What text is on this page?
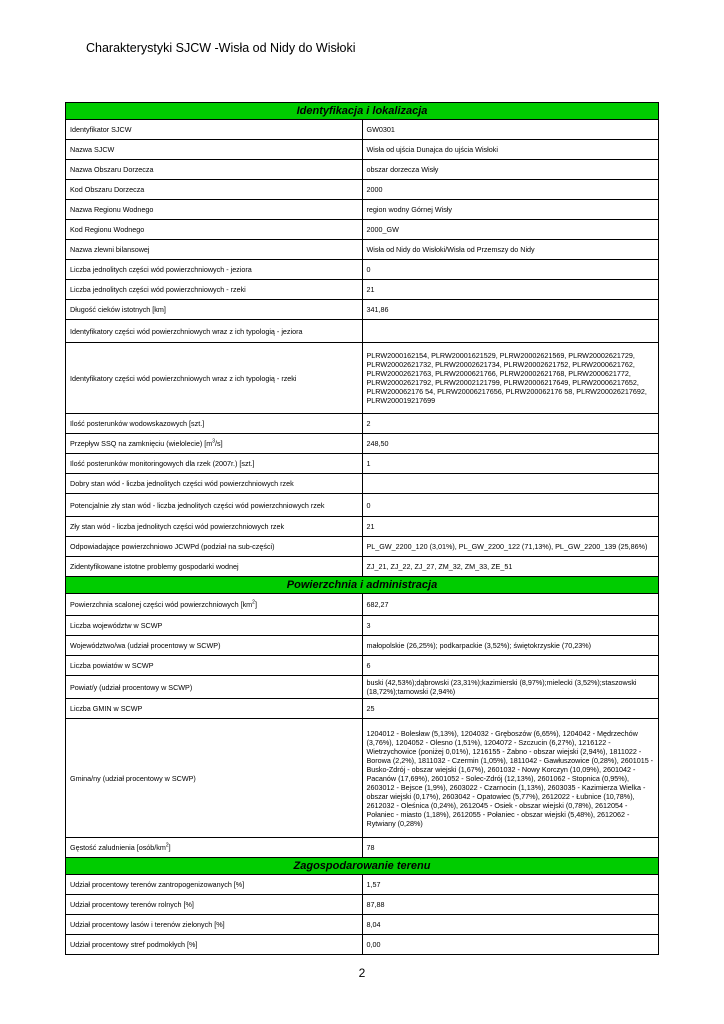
Charakterystyki SJCW -Wisła od Nidy do Wisłoki
Identyfikacja i lokalizacja	
Identyfikator SJCW	GW0301
Nazwa SJCW	Wisła od ujścia Dunajca do ujścia Wisłoki
Nazwa Obszaru Dorzecza	obszar dorzecza Wisły
Kod Obszaru Dorzecza	2000
Nazwa Regionu Wodnego	region wodny Górnej Wisły
Kod Regionu Wodnego	2000_GW
Nazwa zlewni bilansowej	Wisła od Nidy do Wisłoki/Wisła od Przemszy do Nidy
Liczba jednolitych części wód powierzchniowych - jeziora	0
Liczba jednolitych części wód powierzchniowych - rzeki	21
Długość cieków istotnych [km]	341,86
Identyfikatory części wód powierzchniowych wraz z ich typologią - jeziora	
Identyfikatory części wód powierzchniowych wraz z ich typologią - rzeki	PLRW2000162154, PLRW20001621529, PLRW20002621569, PLRW20002621729, PLRW20002621732, PLRW20002621734, PLRW20002621752, PLRW2000621762, PLRW20002621763, PLRW2000621766, PLRW20002621768, PLRW2000621772, PLRW20002621792, PLRW20002121799, PLRW20006217649, PLRW20006217652, PLRW200062176 54, PLRW20006217656, PLRW200062176 58, PLRW200026217692, PLRW200019217699
Ilość posterunków wodowskazowych [szt.]	2
Przepływ SSQ na zamknięciu (wielolecie) $[m^3/s]$	248,50
Ilość posterunków monitoringowych dla rzek (2007r.) [szt.]	1
Dobry stan wód - liczba jednolitych części wód powierzchniowych rzek	
Potencjalnie zły stan wód - liczba jednolitych części wód powierzchniowych rzek	0
Zły stan wód - liczba jednolitych części wód powierzchniowych rzek	21
Odpowiadające powierzchniowo JCWPd (podział na sub-części)	PL_GW_2200_120 (3,01%), PL_GW_2200_122 (71,13%), PL_GW_2200_139 (25,86%)
Zidentyfikowane istotne problemy gospodarki wodnej	ZJ_21, ZJ_22, ZJ_27, ZM_32, ZM_33, ZE_51
Powierzchnia i administracja	
Powierzchnia scalonej części wód powierzchniowych $[km^2]$	682,27
Liczba województw w SCWP	3
Województwo/wa (udział procentowy w SCWP)	małopolskie (26,25%); podkarpackie (3,52%); świętokrzyskie (70,23%)
Liczba powiatów w SCWP	6
Powiat/y (udział procentowy w SCWP)	buski (42,53%);dąbrowski (23,31%);kazimierski (8,97%);mielecki (3,52%);staszowski (18,72%);tarnowski (2,94%)
Liczba GMIN w SCWP	25
Gmina/ny (udział procentowy w SCWP)	1204012 - Bolesław (5,13%), 1204032 - Gręboszów (6,65%), 1204042 - Mędrzechów (3,76%), 1204052 - Olesno (1,51%), 1204072 - Szczucin (6,27%), 1216122 - Wietrzychowice (poniżej 0,01%), 1216155 - Żabno - obszar wiejski (2,94%), 1811022 - Borowa (2,2%), 1811032 - Czermin (1,05%), 1811042 - Gawłuszowice (0,28%), 2601015 - Busko-Zdrój - obszar wiejski (1,67%), 2601032 - Nowy Korczyn (10,09%), 2601042 - Pacanów (17,69%), 2601052 - Solec-Zdrój (12,13%), 2601062 - Stopnica (0,95%), 2603012 - Bejsce (1,9%), 2603022 - Czarnocin (1,13%), 2603035 - Kazimierza Wielka - obszar wiejski (0,17%), 2603042 - Opatowiec (5,77%), 2612022 - Łubnice (10,78%), 2612032 - Oleśnica (0,24%), 2612045 - Osiek - obszar wiejski (0,78%), 2612054 - Połaniec - miasto (1,18%), 2612055 - Połaniec - obszar wiejski (5,48%), 2612062 - Rytwiany (0,28%)
Gęstość zaludnienia $[osób/km^2]$	78
Zagospodarowanie terenu	
Udział procentowy terenów zantropogenizowanych [%]	1,57
Udział procentowy terenów rolnych [%]	87,88
Udział procentowy lasów i terenów zielonych [%]	8,04
Udział procentowy stref podmokłych [%]	0,00
2
